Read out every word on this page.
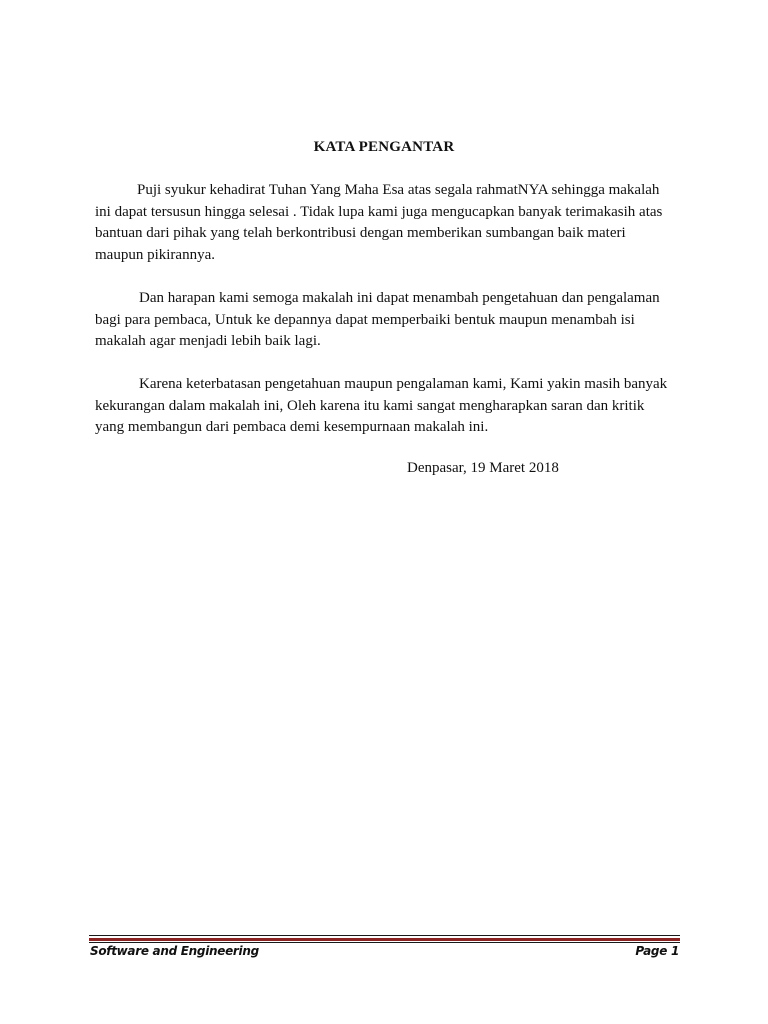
KATA PENGANTAR

Puji syukur kehadirat Tuhan Yang Maha Esa atas segala rahmatNYA sehingga makalah ini dapat tersusun hingga selesai . Tidak lupa kami juga mengucapkan banyak terimakasih atas bantuan dari pihak yang telah berkontribusi dengan memberikan sumbangan baik materi maupun pikirannya.

Dan harapan kami semoga makalah ini dapat menambah pengetahuan dan pengalaman bagi para pembaca, Untuk ke depannya dapat memperbaiki bentuk maupun menambah isi makalah agar menjadi lebih baik lagi.

Karena keterbatasan pengetahuan maupun pengalaman kami, Kami yakin masih banyak kekurangan dalam makalah ini, Oleh karena itu kami sangat mengharapkan saran dan kritik yang membangun dari pembaca demi kesempurnaan makalah ini.

Denpasar, 19 Maret 2018
Software and Engineering	Page 1
